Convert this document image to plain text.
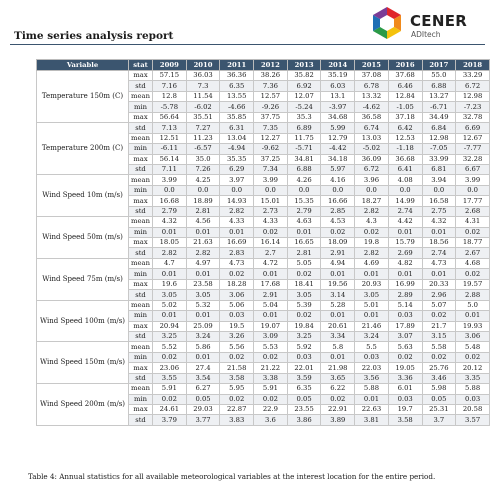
CENER
ADItech
Time series analysis report
Variable	stat	2009	2010	2011	2012	2013	2014	2015	2016	2017	2018
Temperature 150m (C)	max	57.15	36.03	36.36	38.26	35.82	35.19	37.08	37.68	55.0	33.29
	std	7.16	7.3	6.35	7.36	6.92	6.03	6.78	6.46	6.88	6.72
	mean	12.8	11.54	13.55	12.57	12.07	13.1	13.32	12.84	13.27	12.98
	min	-5.78	-6.02	-4.66	-9.26	-5.24	-3.97	-4.62	-1.05	-6.71	-7.23
	max	56.64	35.51	35.85	37.75	35.3	34.68	36.58	37.18	34.49	32.78
Temperature 200m (C)	std	7.13	7.27	6.31	7.35	6.89	5.99	6.74	6.42	6.84	6.69
	mean	12.51	11.23	13.04	12.27	11.75	12.79	13.03	12.53	12.98	12.67
	min	-6.11	-6.57	-4.94	-9.62	-5.71	-4.42	-5.02	-1.18	-7.05	-7.77
	max	56.14	35.0	35.35	37.25	34.81	34.18	36.09	36.68	33.99	32.28
	std	7.11	7.26	6.29	7.34	6.88	5.97	6.72	6.41	6.81	6.67
Wind Speed 10m (m/s)	mean	3.99	4.25	3.97	3.99	4.26	4.16	3.96	4.08	3.94	3.99
	min	0.0	0.0	0.0	0.0	0.0	0.0	0.0	0.0	0.0	0.0
	max	16.68	18.89	14.93	15.01	15.35	16.66	18.27	14.99	16.58	17.77
	std	2.79	2.81	2.82	2.73	2.79	2.85	2.82	2.74	2.75	2.68
Wind Speed 50m (m/s)	mean	4.32	4.56	4.33	4.33	4.63	4.53	4.3	4.42	4.32	4.31
	min	0.01	0.01	0.01	0.02	0.01	0.02	0.02	0.01	0.01	0.02
	max	18.05	21.63	16.69	16.14	16.65	18.09	19.8	15.79	18.56	18.77
	std	2.82	2.82	2.83	2.7	2.81	2.91	2.82	2.69	2.74	2.67
Wind Speed 75m (m/s)	mean	4.7	4.97	4.73	4.72	5.05	4.94	4.69	4.82	4.73	4.68
	min	0.01	0.01	0.02	0.01	0.02	0.01	0.01	0.01	0.01	0.02
	max	19.6	23.58	18.28	17.68	18.41	19.56	20.93	16.99	20.33	19.57
	std	3.05	3.05	3.06	2.91	3.05	3.14	3.05	2.89	2.96	2.88
Wind Speed 100m (m/s)	mean	5.02	5.32	5.06	5.04	5.39	5.28	5.01	5.14	5.07	5.0
	min	0.01	0.01	0.03	0.01	0.02	0.01	0.01	0.03	0.02	0.01
	max	20.94	25.09	19.5	19.07	19.84	20.61	21.46	17.89	21.7	19.93
	std	3.25	3.24	3.26	3.09	3.25	3.34	3.24	3.07	3.15	3.06
Wind Speed 150m (m/s)	mean	5.52	5.86	5.56	5.53	5.92	5.8	5.5	5.63	5.58	5.48
	min	0.02	0.01	0.02	0.02	0.03	0.01	0.03	0.02	0.02	0.02
	max	23.06	27.4	21.58	21.22	22.01	21.98	22.03	19.05	25.76	20.12
	std	3.55	3.54	3.58	3.38	3.59	3.65	3.56	3.36	3.46	3.35
Wind Speed 200m (m/s)	mean	5.91	6.27	5.95	5.91	6.35	6.22	5.88	6.01	5.98	5.88
	min	0.02	0.05	0.02	0.02	0.05	0.02	0.01	0.03	0.05	0.03
	max	24.61	29.03	22.87	22.9	23.55	22.91	22.63	19.7	25.31	20.58
	std	3.79	3.77	3.83	3.6	3.86	3.89	3.81	3.58	3.7	3.57
Table 4: Annual statistics for all available meteorological variables at the interest location for the entire period.
